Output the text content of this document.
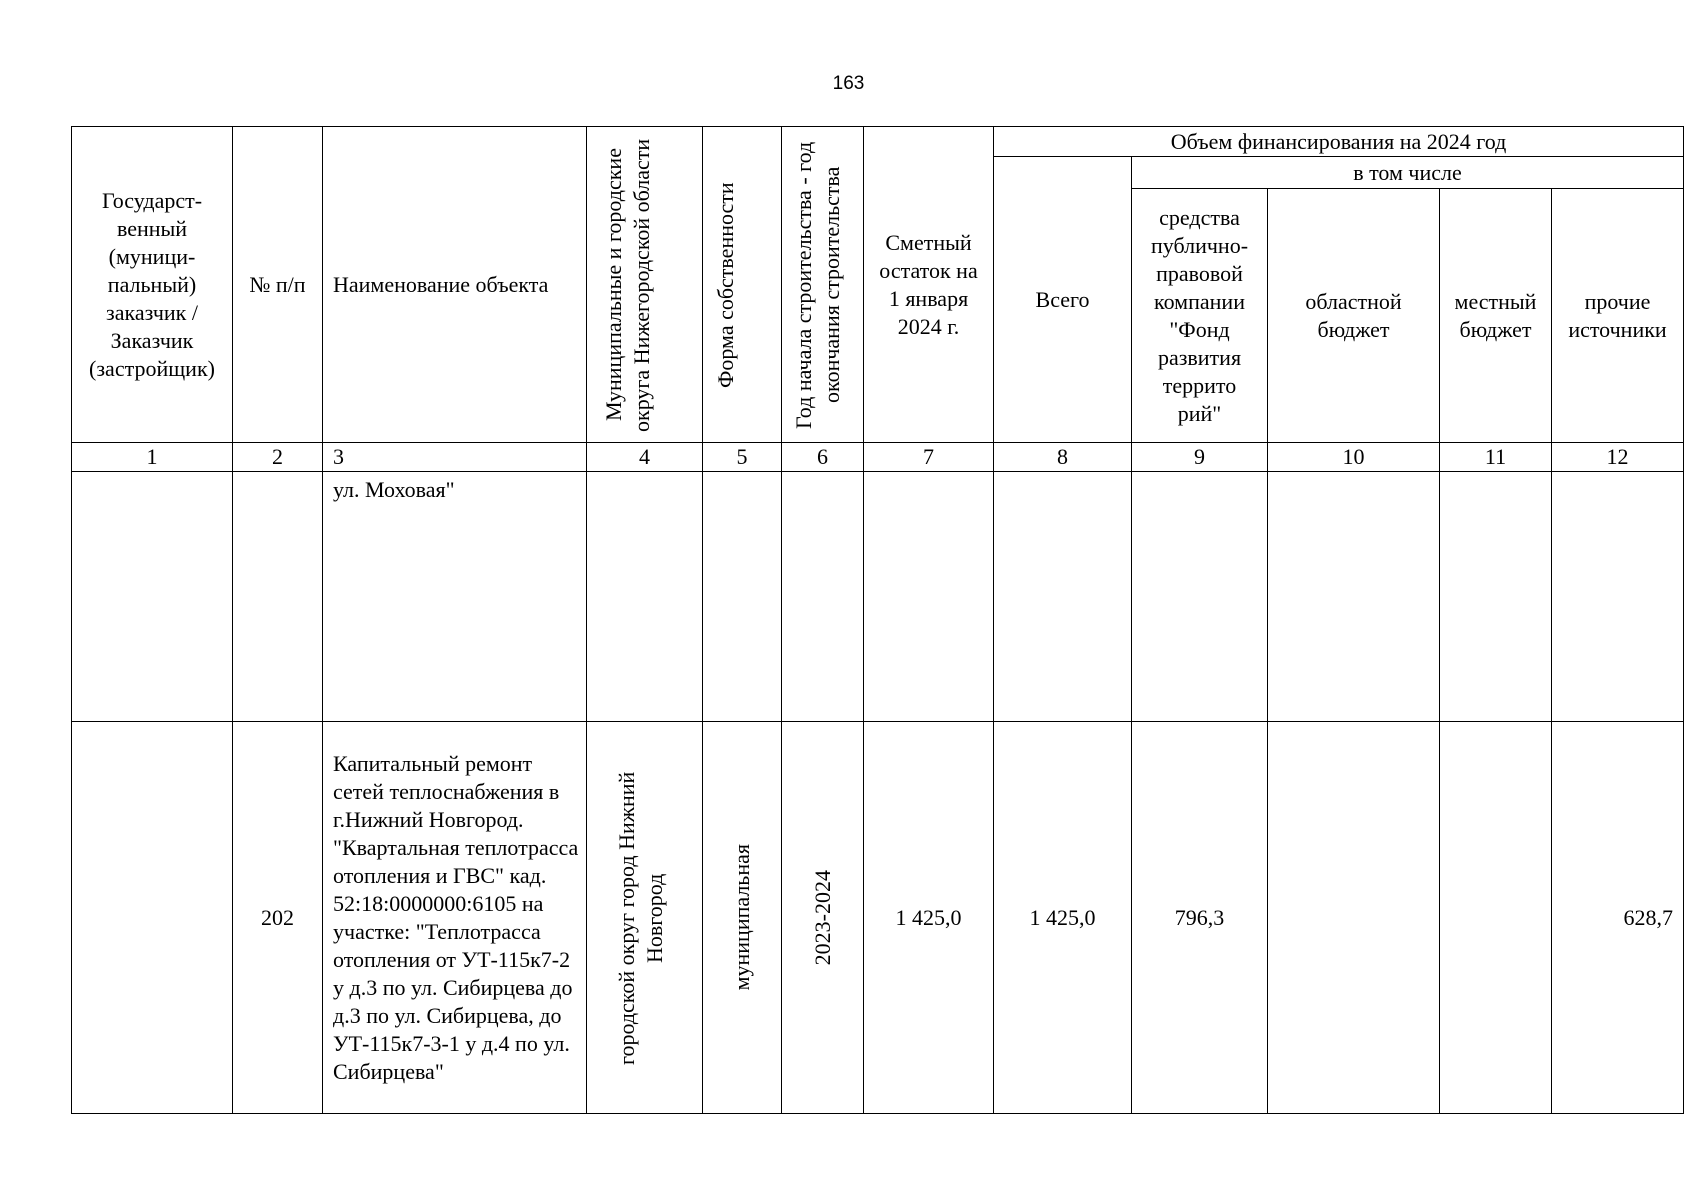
163
Государст-венный (муници-пальный) заказчик / Заказчик (застройщик)	№ п/п	Наименование объекта	Муниципальные и городские округа Нижегородской области	Форма собственности	Год начала строительства - год окончания строительства	Сметный остаток на 1 января 2024 г.	Объем финансирования на 2024 год				
							Всего	в том числе			
								средства публично-правовой компании "Фонд развития террито рий"	областной бюджет	местный бюджет	прочие источники
1	2	3	4	5	6	7	8	9	10	11	12
		ул. Моховая"									
	202	Капитальный ремонт сетей теплоснабжения в г.Нижний Новгород. "Квартальная теплотрасса отопления и ГВС" кад. 52:18:0000000:6105 на участке: "Теплотрасса отопления от УТ-115к7-2 у д.3 по ул. Сибирцева до д.3 по ул. Сибирцева, до УТ-115к7-3-1 у д.4 по ул. Сибирцева"	городской округ город Нижний Новгород	муниципальная	2023-2024	1 425,0	1 425,0	796,3			628,7
